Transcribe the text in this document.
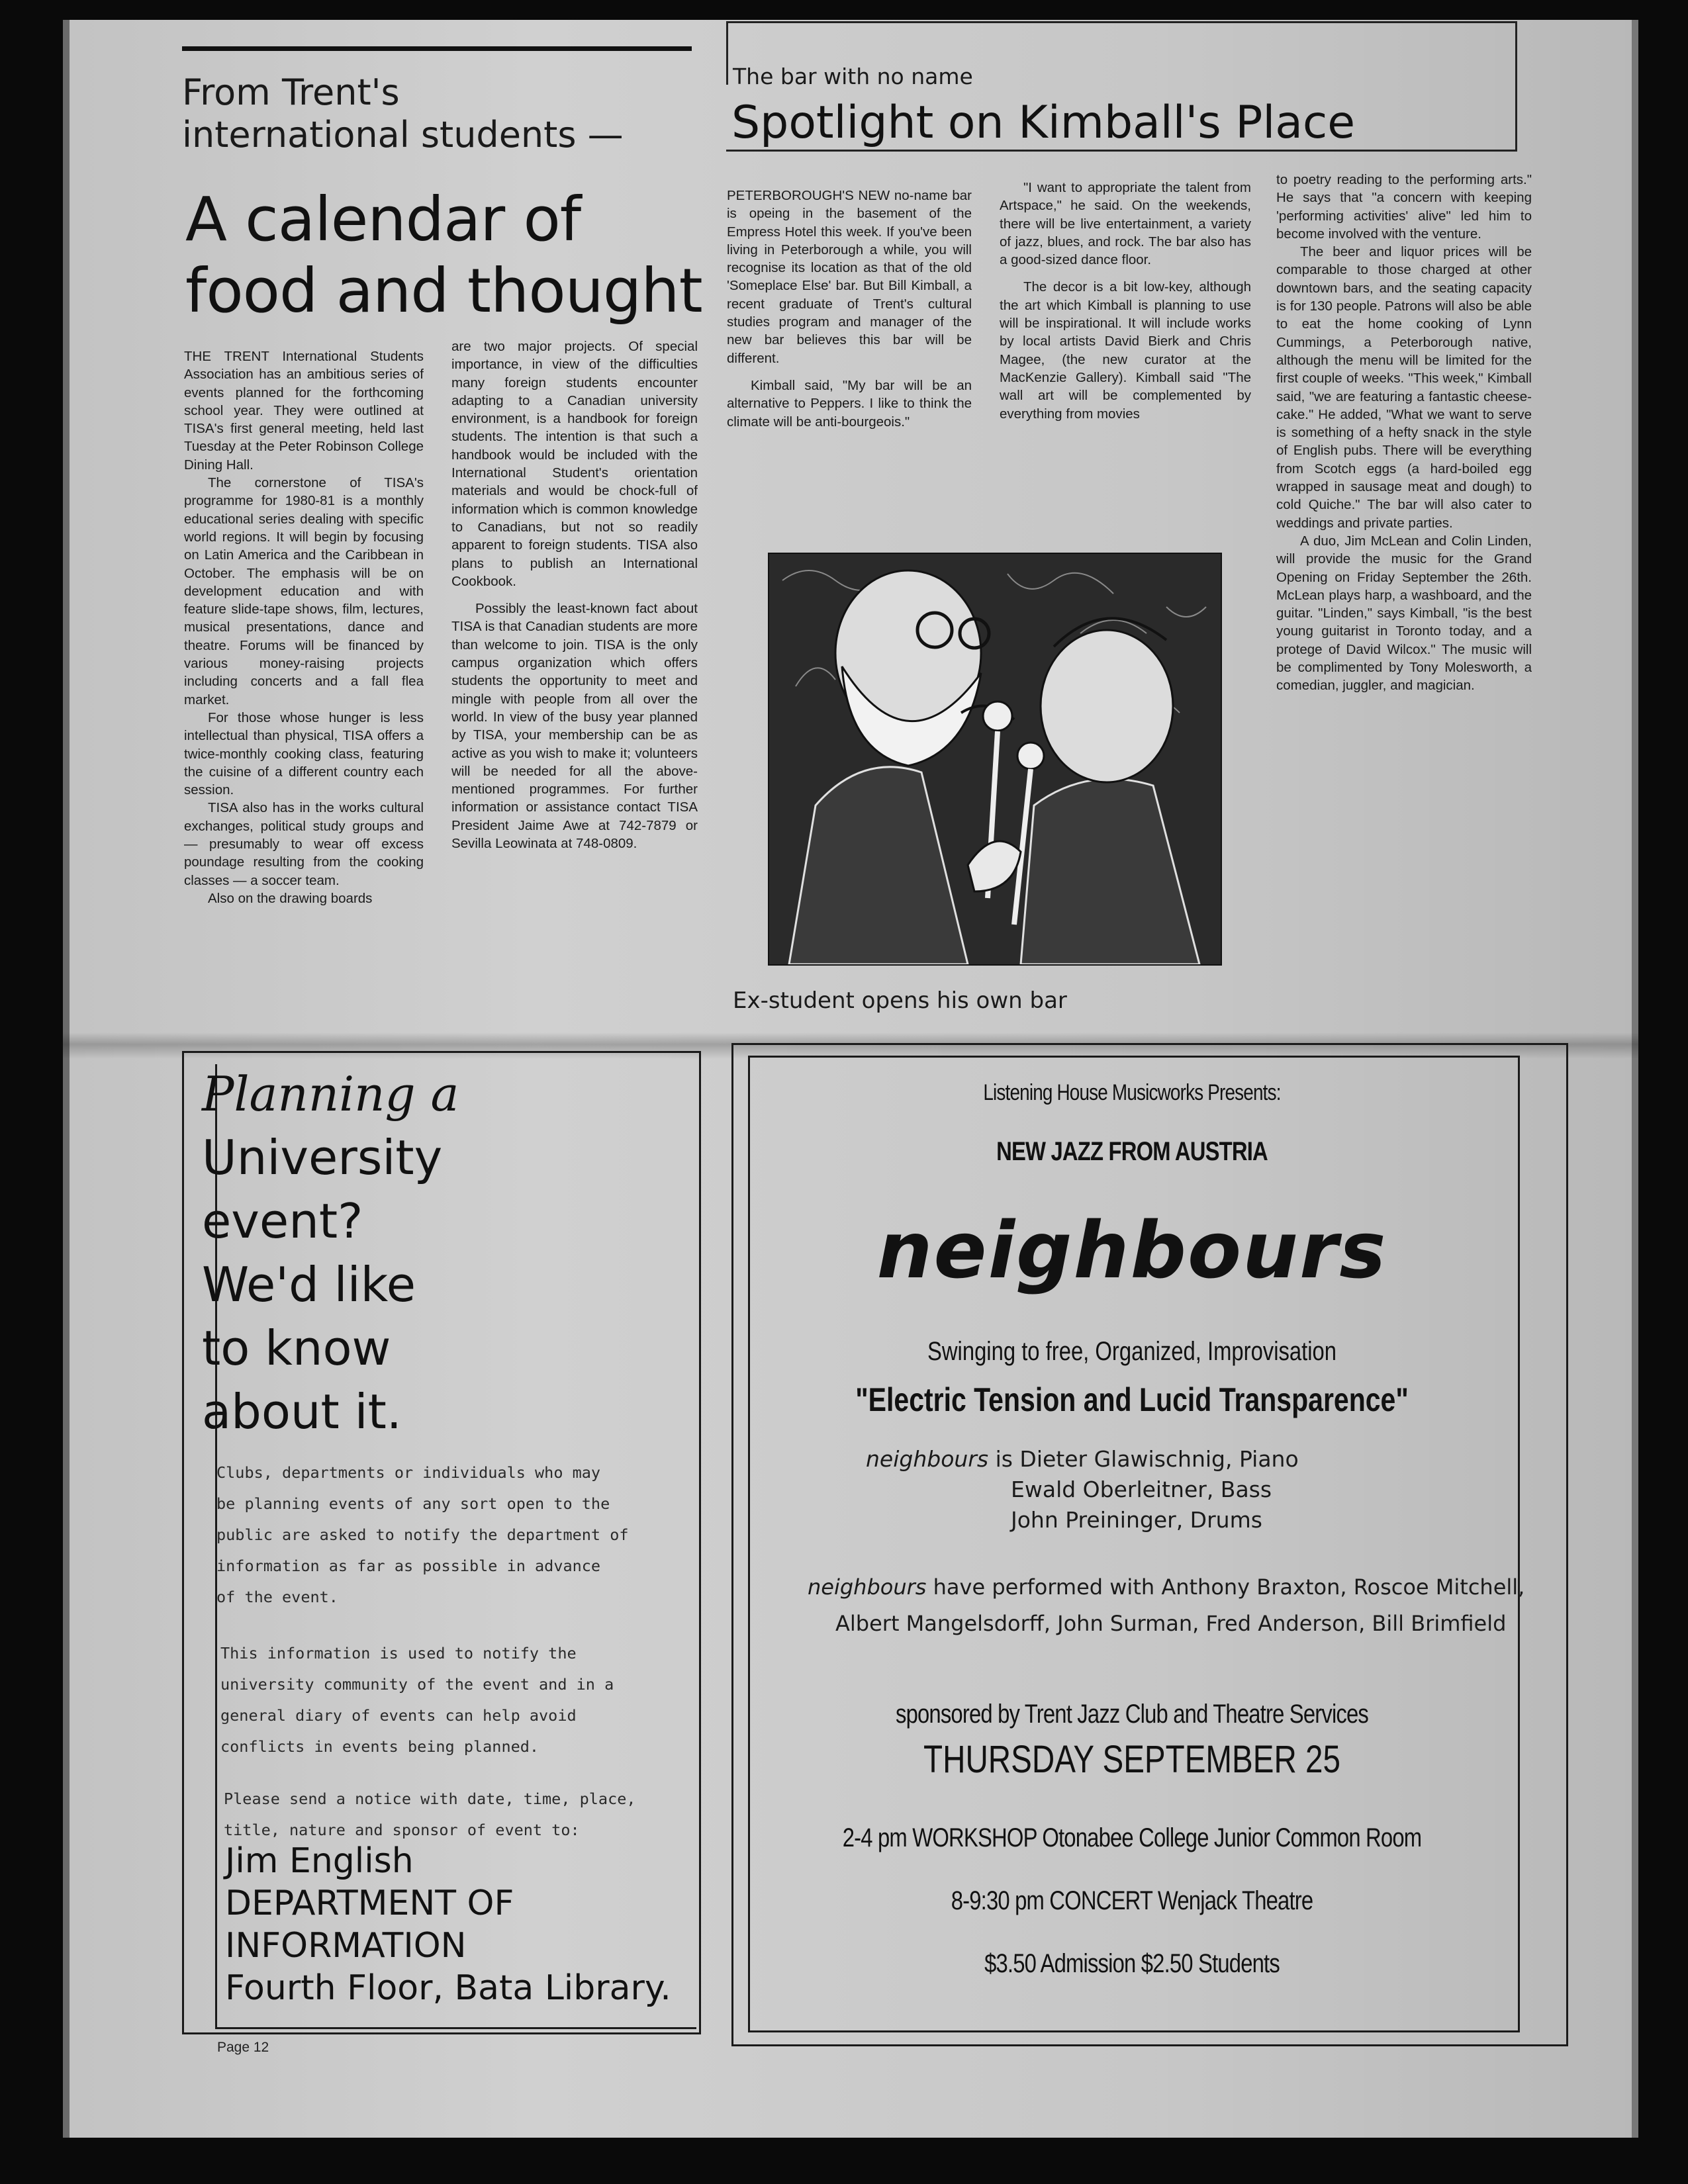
From Trent's
international students —
A calendar of
food and thought

THE TRENT International Students Association has an ambitious series of events planned for the forthcoming school year. They were outlined at TISA's first general meeting, held last Tuesday at the Peter Robinson College Dining Hall.

The cornerstone of TISA's programme for 1980-81 is a monthly educational series dealing with specific world regions. It will begin by focusing on Latin America and the Caribbean in October. The emphasis will be on development education and with feature slide-tape shows, film, lectures, musical presentations, dance and theatre. Forums will be financed by various money-raising projects including concerts and a fall flea market.

For those whose hunger is less intellectual than physical, TISA offers a twice-monthly cooking class, featuring the cuisine of a different country each session.

TISA also has in the works cultural exchanges, political study groups and — presumably to wear off excess poundage resulting from the cooking classes — a soccer team.

Also on the drawing boards

are two major projects. Of special importance, in view of the difficulties many foreign students encounter adapting to a Canadian university environment, is a handbook for foreign students. The intention is that such a handbook would be included with the International Student's orientation materials and would be chock-full of information which is common knowledge to Canadians, but not so readily apparent to foreign students. TISA also plans to publish an International Cookbook.

Possibly the least-known fact about TISA is that Canadian students are more than welcome to join. TISA is the only campus organization which offers students the opportunity to meet and mingle with people from all over the world. In view of the busy year planned by TISA, your membership can be as active as you wish to make it; volunteers will be needed for all the above-mentioned programmes. For further information or assistance contact TISA President Jaime Awe at 742-7879 or Sevilla Leowinata at 748-0809.

The bar with no name
Spotlight on Kimball's Place

PETERBOROUGH'S NEW no-name bar is opeing in the basement of the Empress Hotel this week. If you've been living in Peterborough a while, you will recognise its location as that of the old 'Someplace Else' bar. But Bill Kimball, a recent graduate of Trent's cultural studies program and manager of the new bar believes this bar will be different.

Kimball said, "My bar will be an alternative to Peppers. I like to think the climate will be anti-bourgeois."

"I want to appropriate the talent from Artspace," he said. On the weekends, there will be live entertainment, a variety of jazz, blues, and rock. The bar also has a good-sized dance floor.

The decor is a bit low-key, although the art which Kimball is planning to use will be inspirational. It will include works by local artists David Bierk and Chris Magee, (the new curator at the MacKenzie Gallery). Kimball said "The wall art will be complemented by everything from movies

to poetry reading to the performing arts." He says that "a concern with keeping 'performing activities' alive" led him to become involved with the venture.

The beer and liquor prices will be comparable to those charged at other downtown bars, and the seating capacity is for 130 people. Patrons will also be able to eat the home cooking of Lynn Cummings, a Peterborough native, although the menu will be limited for the first couple of weeks. "This week," Kimball said, "we are featuring a fantastic cheese-cake." He added, "What we want to serve is something of a hefty snack in the style of English pubs. There will be everything from Scotch eggs (a hard-boiled egg wrapped in sausage meat and dough) to cold Quiche." The bar will also cater to weddings and private parties.

A duo, Jim McLean and Colin Linden, will provide the music for the Grand Opening on Friday September the 26th. McLean plays harp, a washboard, and the guitar. "Linden," says Kimball, "is the best young guitarist in Toronto today, and a protege of David Wilcox." The music will be complimented by Tony Molesworth, a comedian, juggler, and magician.

Ex-student opens his own bar
Planning a
University
event?
We'd like
to know
about it.
Clubs, departments or individuals who may
be planning events of any sort open to the
public are asked to notify the department of
information as far as possible in advance
of the event.
This information is used to notify the
university community of the event and in a
general diary of events can help avoid
conflicts in events being planned.
Please send a notice with date, time, place,
title, nature and sponsor of event to:
Jim English
DEPARTMENT OF
INFORMATION
Fourth Floor, Bata Library.
Page 12
Listening House Musicworks Presents:
NEW JAZZ FROM AUSTRIA
neighbours
Swinging to free, Organized, Improvisation
"Electric Tension and Lucid Transparence"
neighbours is Dieter Glawischnig, Piano
Ewald Oberleitner, Bass
John Preininger, Drums
neighbours have performed with Anthony Braxton, Roscoe Mitchell,
Albert Mangelsdorff, John Surman, Fred Anderson, Bill Brimfield
sponsored by Trent Jazz Club and Theatre Services
THURSDAY SEPTEMBER 25
2-4 pm WORKSHOP Otonabee College Junior Common Room
8-9:30 pm CONCERT Wenjack Theatre
$3.50 Admission $2.50 Students
